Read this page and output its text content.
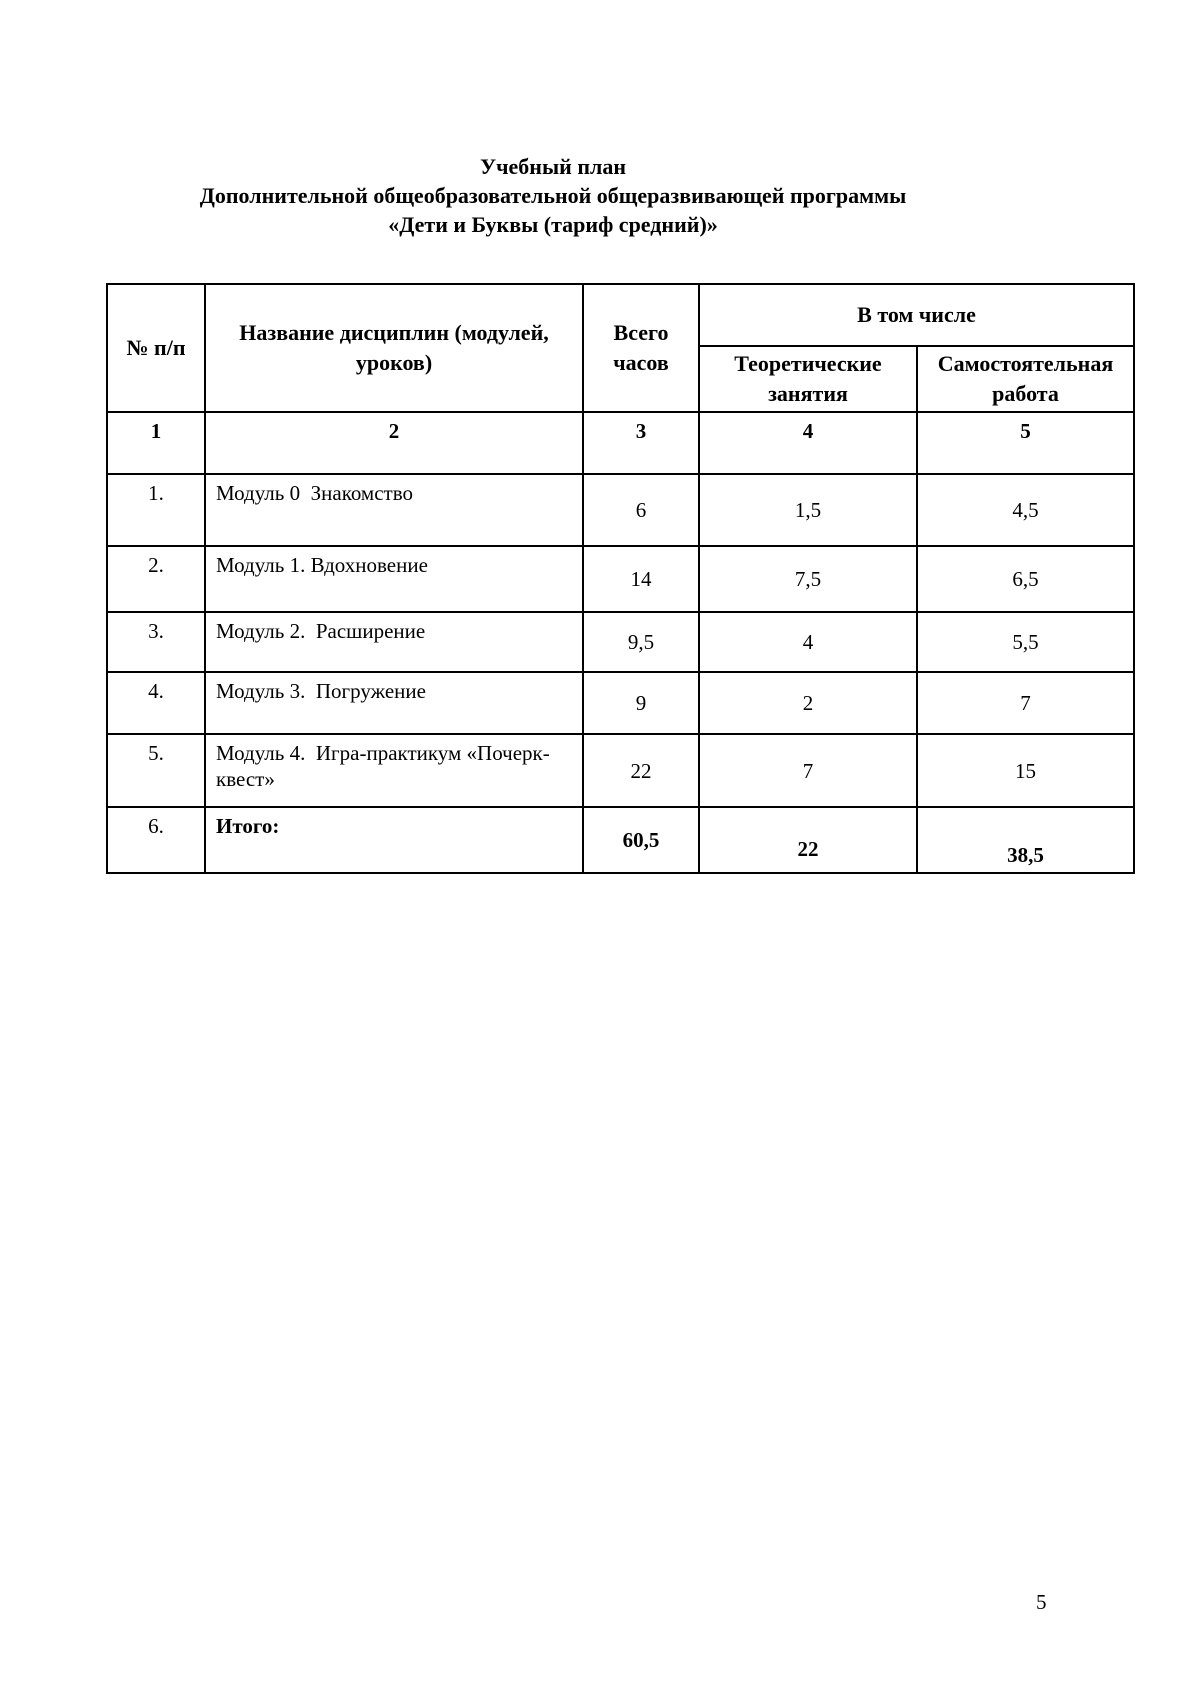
Учебный план
Дополнительной общеобразовательной общеразвивающей программы
«Дети и Буквы (тариф средний)»
№ п/п	Название дисциплин (модулей, уроков)	Всего часов	В том числе	
			Теоретические занятия	Самостоятельная работа
1	2	3	4	5
1.	Модуль 0  Знакомство	6	1,5	4,5
2.	Модуль 1. Вдохновение	14	7,5	6,5
3.	Модуль 2.  Расширение	9,5	4	5,5
4.	Модуль 3.  Погружение	9	2	7
5.	Модуль 4.  Игра-практикум «Почерк-квест»	22	7	15
6.	Итого:	60,5	22	38,5
5
